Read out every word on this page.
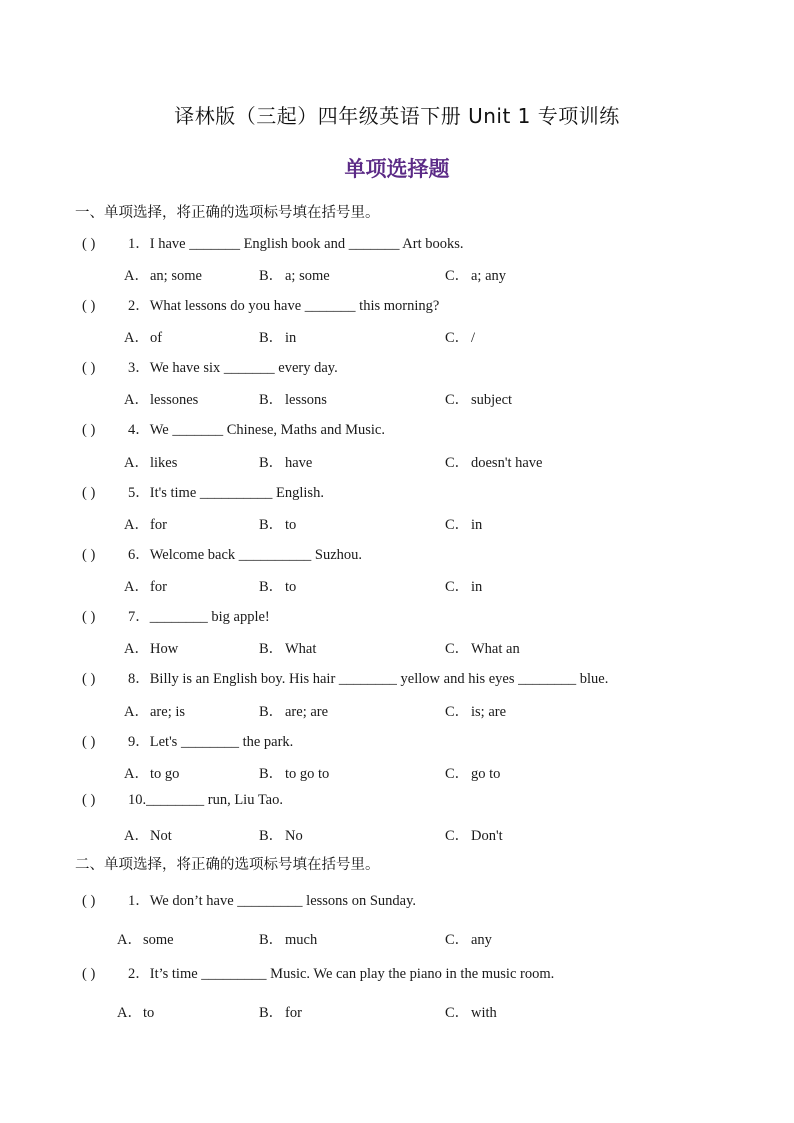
译林版（三起）四年级英语下册 Unit 1 专项训练
单项选择题
一、单项选择，将正确的选项标号填在括号里。
( ) 1．I have _______ English book and _______ Art books.
A．an; some	B． a; some	C． a; any
( ) 2．What lessons do you have _______ this morning?
A．of	B． in	C． /
( ) 3．We have six _______ every day.
A．lessones	B． lessons	C． subject
( ) 4．We _______ Chinese, Maths and Music.
A．likes	B． have	C． doesn't have
( ) 5．It's time __________ English.
A．for	B． to	C． in
( ) 6．Welcome back __________ Suzhou.
A．for	B． to	C． in
( ) 7．________ big apple!
A．How	B． What	C． What an
( ) 8．Billy is an English boy. His hair ________ yellow and his eyes ________ blue.
A．are; is	B． are; are	C． is; are
( ) 9．Let's ________ the park.
A．to go	B． to go to	C． go to
( ) 10.________ run, Liu Tao.
A．Not	B． No	C． Don't
二、单项选择，将正确的选项标号填在括号里。
( ) 1．We don’t have _________ lessons on Sunday.
A．some	B． much	C． any
( ) 2．It’s time _________ Music. We can play the piano in the music room.
A．to	B． for	C． with
